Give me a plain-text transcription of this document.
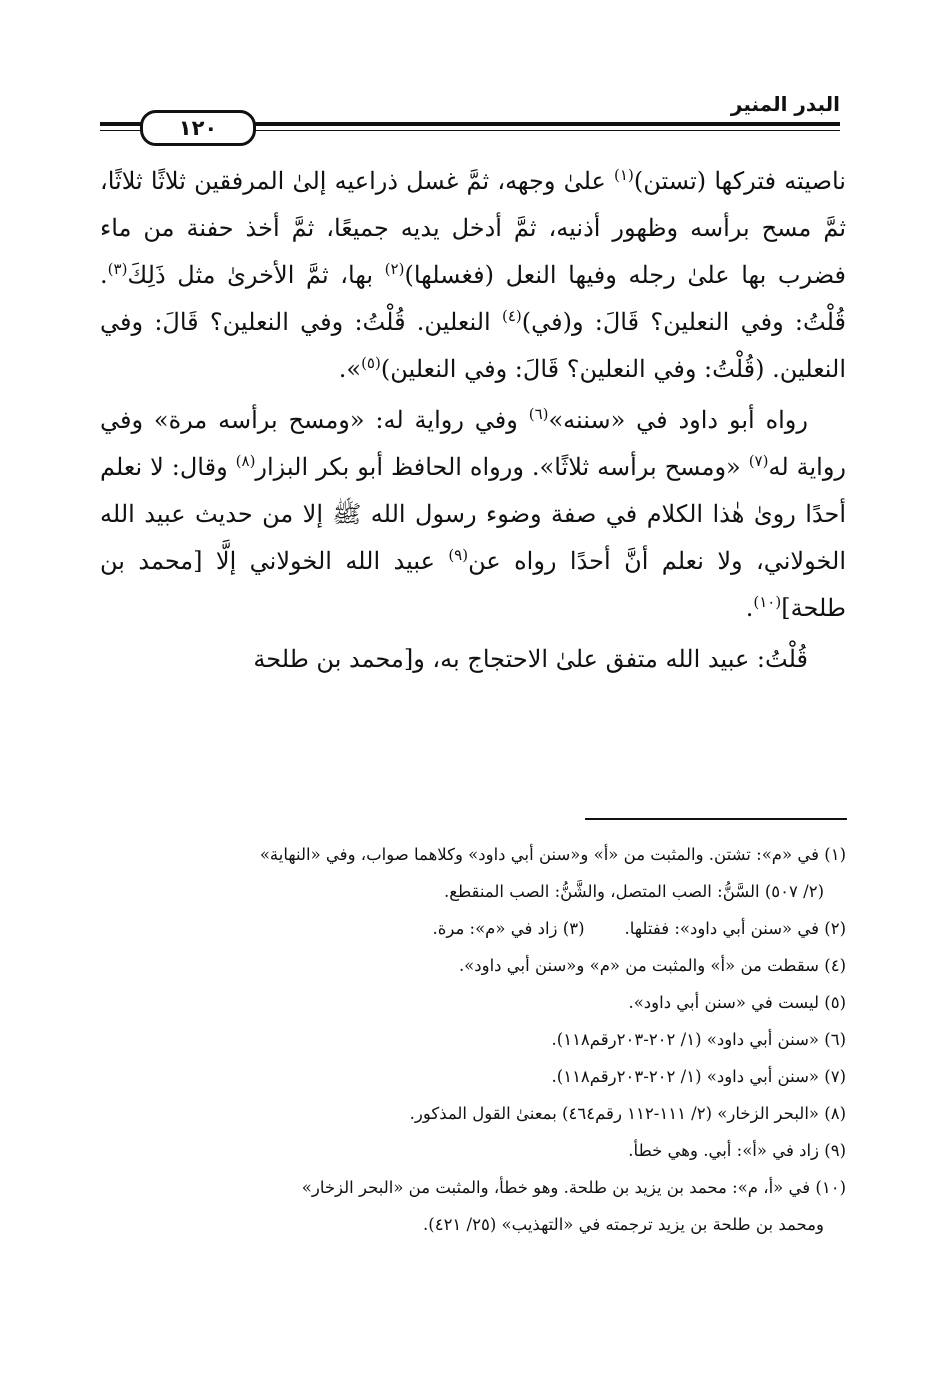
البدر المنير
١٢٠

ناصيته فتركها (تستن)$^{(١)}$ علىٰ وجهه، ثمَّ غسل ذراعيه إلىٰ المرفقين ثلاثًا ثلاثًا، ثمَّ مسح برأسه وظهور أذنيه، ثمَّ أدخل يديه جميعًا، ثمَّ أخذ حفنة من ماء فضرب بها علىٰ رجله وفيها النعل (فغسلها)$^{(٢)}$ بها، ثمَّ الأخرىٰ مثل ذَلِكَ$^{(٣)}$. قُلْتُ: وفي النعلين؟ قَالَ: و(في)$^{(٤)}$ النعلين. قُلْتُ: وفي النعلين؟ قَالَ: وفي النعلين. (قُلْتُ: وفي النعلين؟ قَالَ: وفي النعلين)$^{(٥)}$».

رواه أبو داود في «سننه»$^{(٦)}$ وفي رواية له: «ومسح برأسه مرة» وفي رواية له$^{(٧)}$ «ومسح برأسه ثلاثًا». ورواه الحافظ أبو بكر البزار$^{(٨)}$ وقال: لا نعلم أحدًا روىٰ هٰذا الكلام في صفة وضوء رسول الله ﷺ إلا من حديث عبيد الله الخولاني، ولا نعلم أنَّ أحدًا رواه عن$^{(٩)}$ عبيد الله الخولاني إلَّا [محمد بن طلحة]$^{(١٠)}$.

قُلْتُ: عبيد الله متفق علىٰ الاحتجاج به، و[محمد بن طلحة

(١) في «م»: تشتن. والمثبت من «أ» و«سنن أبي داود» وكلاهما صواب، وفي «النهاية»

(٢/ ٥٠٧) السَّنُّ: الصب المتصل، والشَّنُّ: الصب المنقطع.

(٢) في «سنن أبي داود»: ففتلها.

(٣) زاد في «م»: مرة.

(٤) سقطت من «أ» والمثبت من «م» و«سنن أبي داود».

(٥) ليست في «سنن أبي داود».

(٦) «سنن أبي داود» (١/ ٢٠٢-٢٠٣رقم١١٨).

(٧) «سنن أبي داود» (١/ ٢٠٢-٢٠٣رقم١١٨).

(٨) «البحر الزخار» (٢/ ١١١-١١٢ رقم٤٦٤) بمعنىٰ القول المذكور.

(٩) زاد في «أ»: أبي. وهي خطأ.

(١٠) في «أ، م»: محمد بن يزيد بن طلحة. وهو خطأ، والمثبت من «البحر الزخار»

ومحمد بن طلحة بن يزيد ترجمته في «التهذيب» (٢٥/ ٤٢١).
